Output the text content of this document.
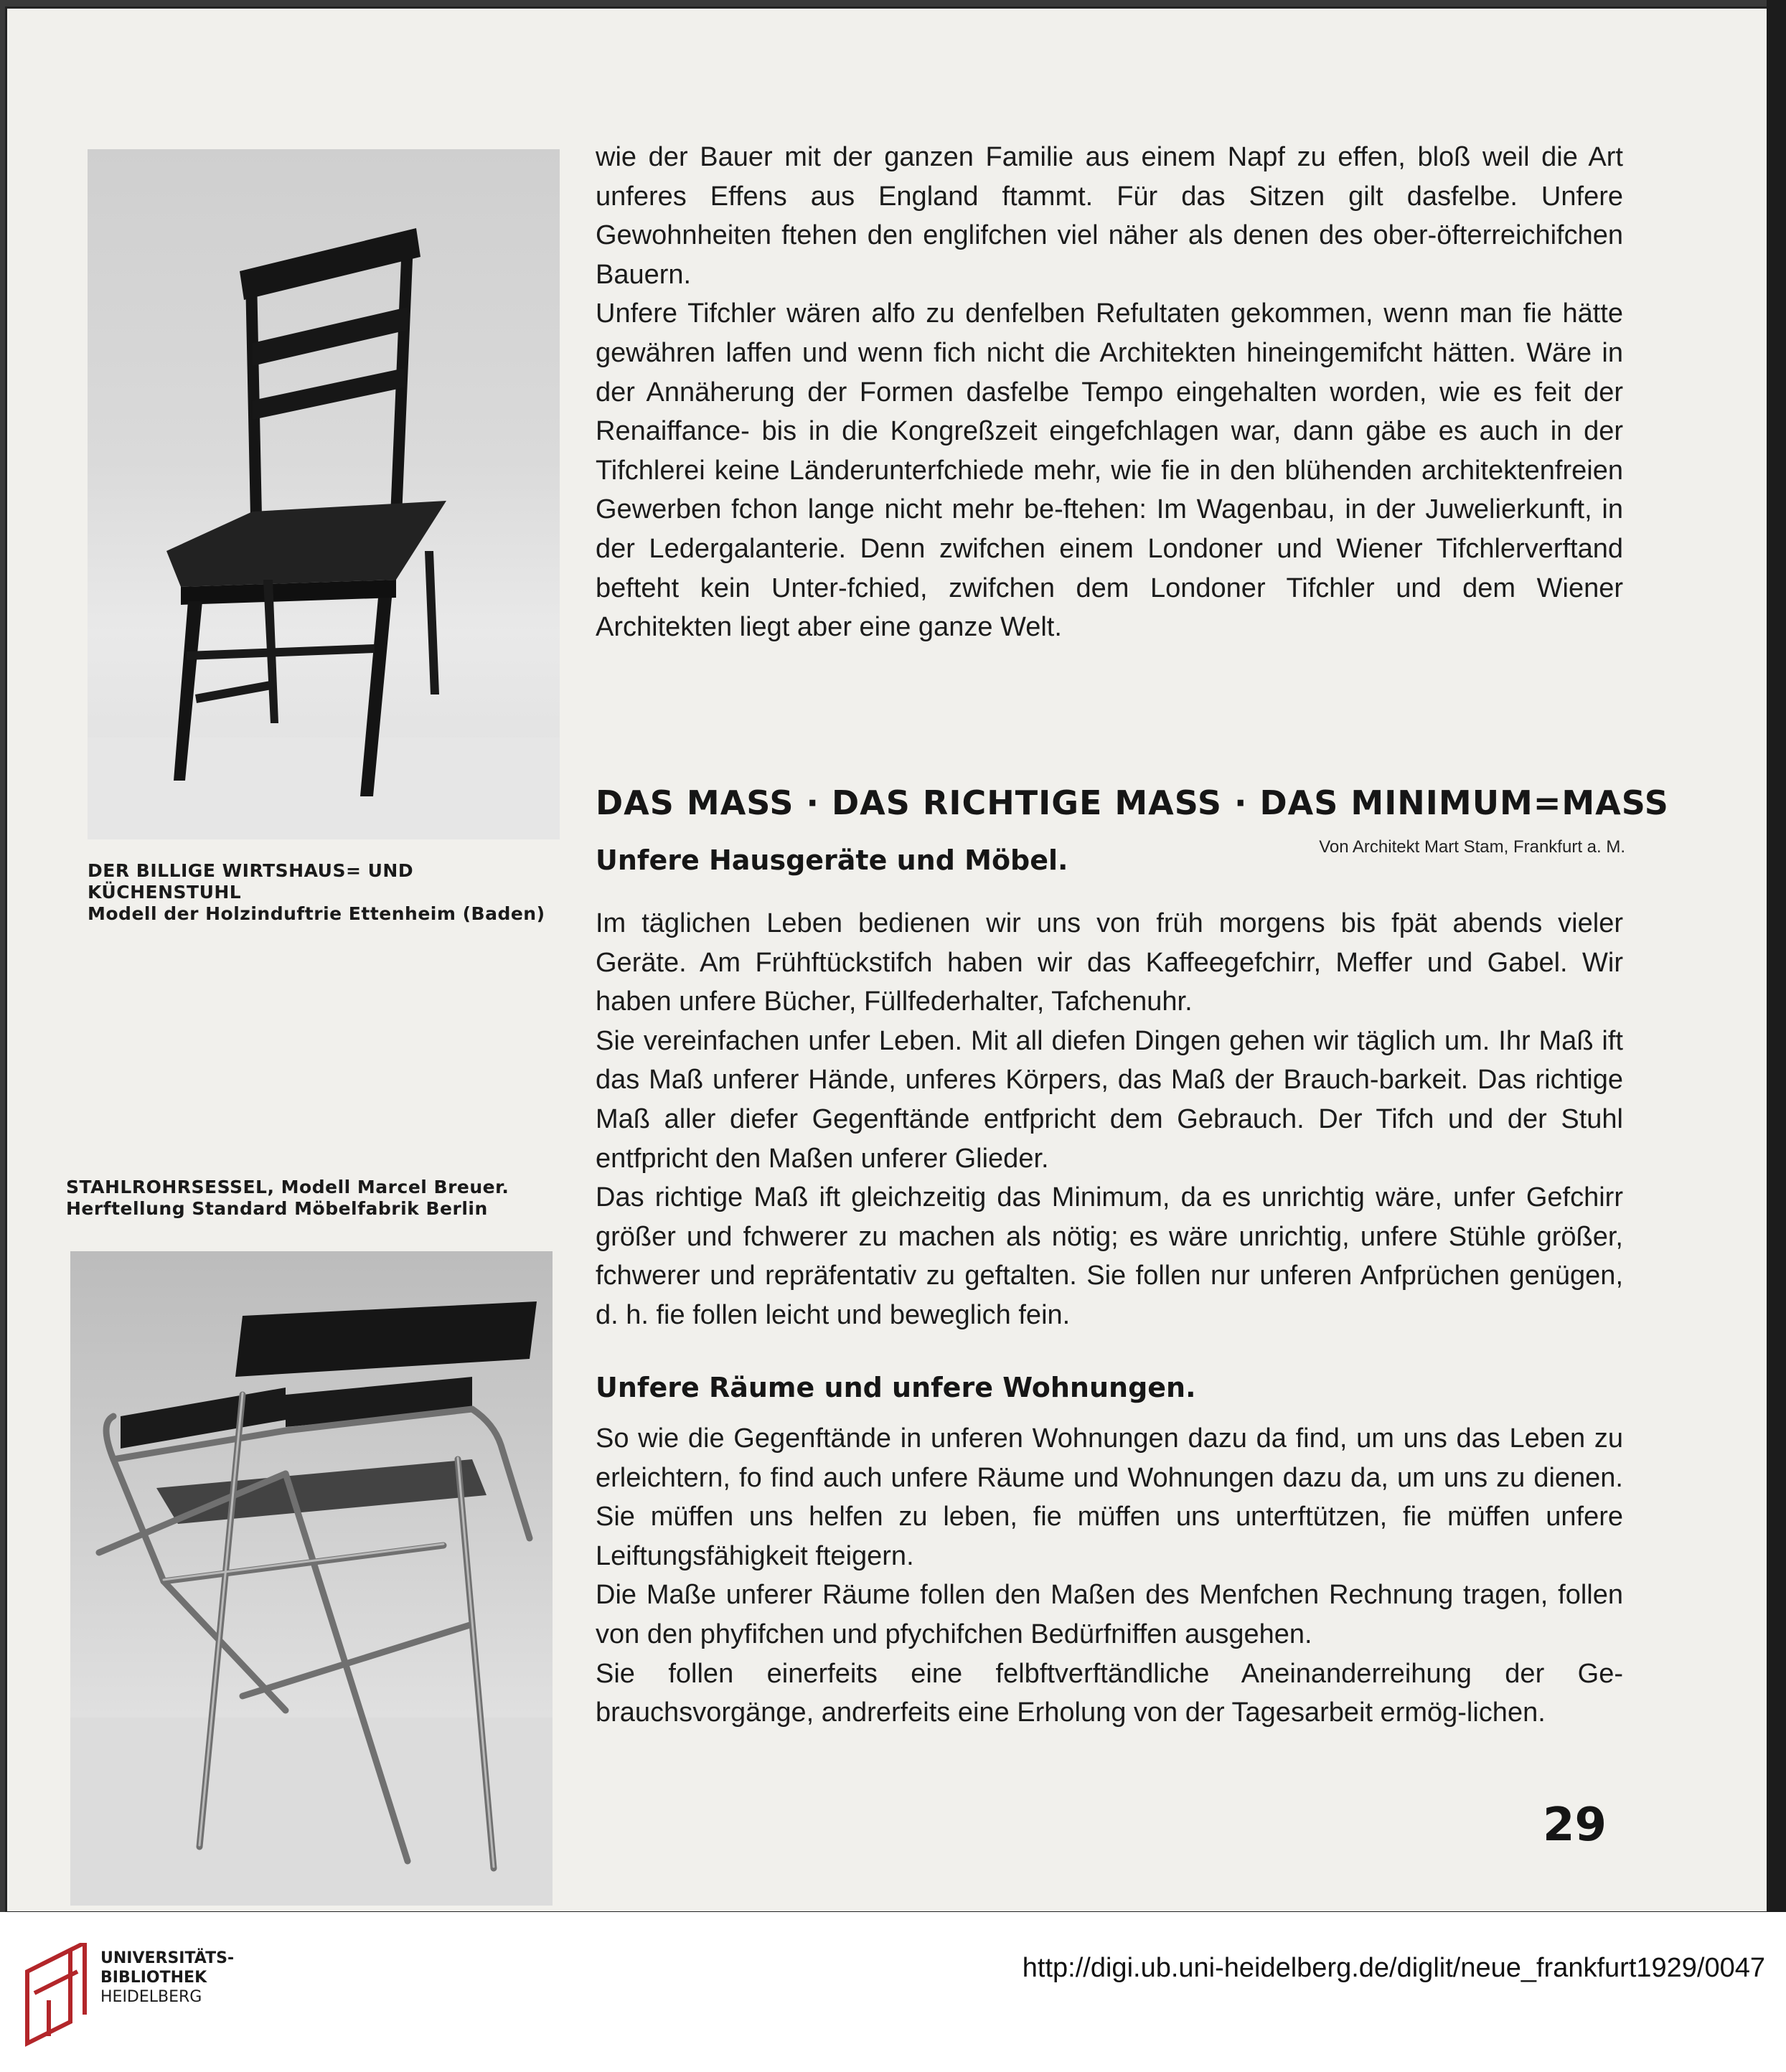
DER BILLIGE WIRTSHAUS= UND KÜCHENSTUHL
Modell der Holzinduftrie Ettenheim (Baden)
STAHLROHRSESSEL, Modell Marcel Breuer.
Herftellung Standard Möbelfabrik Berlin

wie der Bauer mit der ganzen Familie aus einem Napf zu effen, bloß weil die Art unferes Effens aus England ftammt. Für das Sitzen gilt dasfelbe. Unfere Gewohnheiten ftehen den englifchen viel näher als denen des ober-öfterreichifchen Bauern.

Unfere Tifchler wären alfo zu denfelben Refultaten gekommen, wenn man fie hätte gewähren laffen und wenn fich nicht die Architekten hineingemifcht hätten. Wäre in der Annäherung der Formen dasfelbe Tempo eingehalten worden, wie es feit der Renaiffance- bis in die Kongreßzeit eingefchlagen war, dann gäbe es auch in der Tifchlerei keine Länderunterfchiede mehr, wie fie in den blühenden architektenfreien Gewerben fchon lange nicht mehr be-ftehen: Im Wagenbau, in der Juwelierkunft, in der Ledergalanterie. Denn zwifchen einem Londoner und Wiener Tifchlerverftand befteht kein Unter-fchied, zwifchen dem Londoner Tifchler und dem Wiener Architekten liegt aber eine ganze Welt.

DAS MASS · DAS RICHTIGE MASS · DAS MINIMUM=MASS
Unfere Hausgeräte und Möbel.	Von Architekt Mart Stam, Frankfurt a. M.

Im täglichen Leben bedienen wir uns von früh morgens bis fpät abends vieler Geräte. Am Frühftückstifch haben wir das Kaffeegefchirr, Meffer und Gabel. Wir haben unfere Bücher, Füllfederhalter, Tafchenuhr.

Sie vereinfachen unfer Leben. Mit all diefen Dingen gehen wir täglich um. Ihr Maß ift das Maß unferer Hände, unferes Körpers, das Maß der Brauch-barkeit. Das richtige Maß aller diefer Gegenftände entfpricht dem Gebrauch. Der Tifch und der Stuhl entfpricht den Maßen unferer Glieder.

Das richtige Maß ift gleichzeitig das Minimum, da es unrichtig wäre, unfer Gefchirr größer und fchwerer zu machen als nötig; es wäre unrichtig, unfere Stühle größer, fchwerer und repräfentativ zu geftalten. Sie follen nur unferen Anfprüchen genügen, d. h. fie follen leicht und beweglich fein.

Unfere Räume und unfere Wohnungen.

So wie die Gegenftände in unferen Wohnungen dazu da find, um uns das Leben zu erleichtern, fo find auch unfere Räume und Wohnungen dazu da, um uns zu dienen. Sie müffen uns helfen zu leben, fie müffen uns unterftützen, fie müffen unfere Leiftungsfähigkeit fteigern.

Die Maße unferer Räume follen den Maßen des Menfchen Rechnung tragen, follen von den phyfifchen und pfychifchen Bedürfniffen ausgehen.

Sie follen einerfeits eine felbftverftändliche Aneinanderreihung der Ge-brauchsvorgänge, andrerfeits eine Erholung von der Tagesarbeit ermög-lichen.

29
UNIVERSITÄTS-
BIBLIOTHEK
HEIDELBERG
http://digi.ub.uni-heidelberg.de/diglit/neue_frankfurt1929/0047
